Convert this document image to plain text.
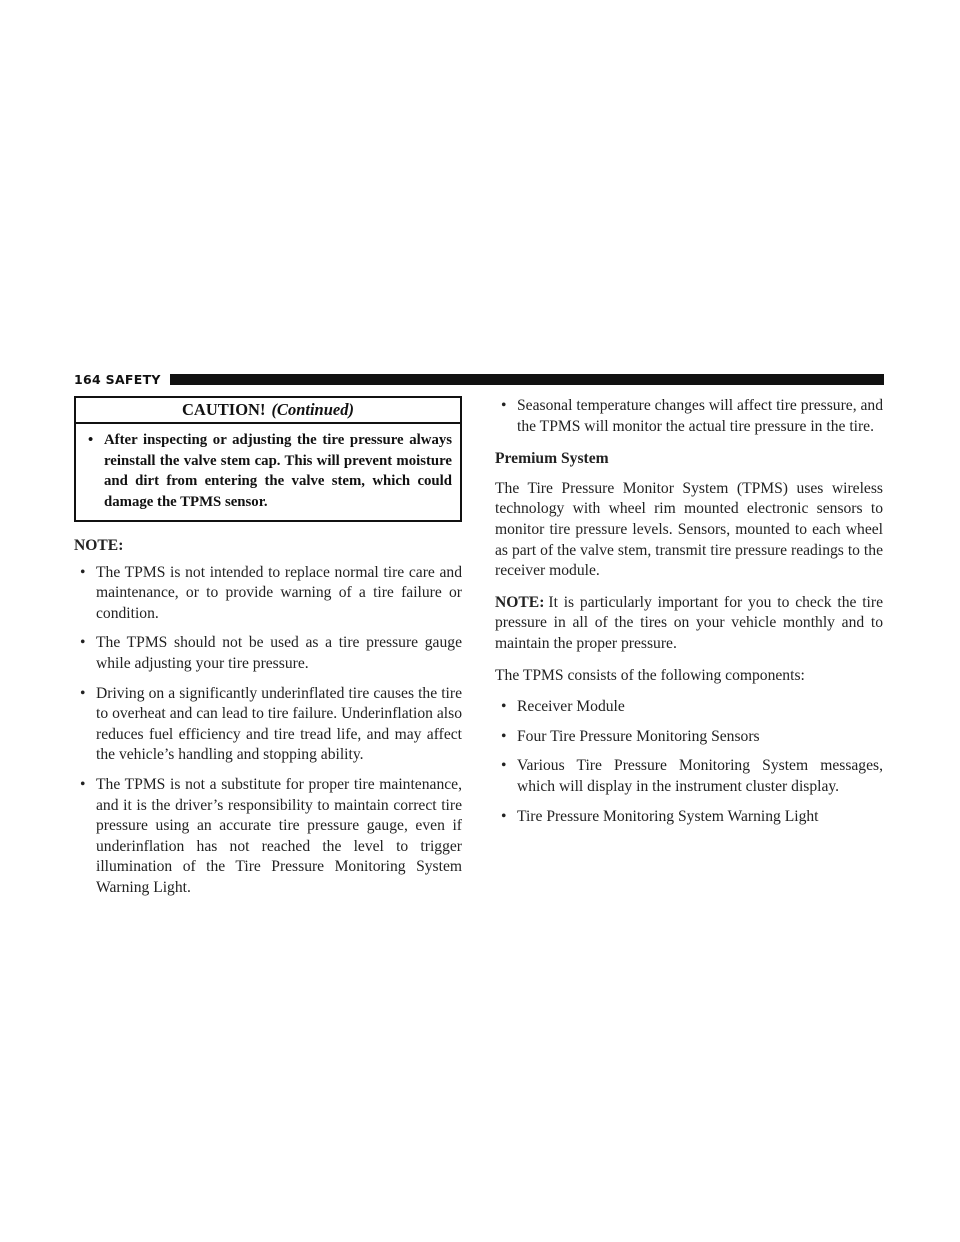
164 SAFETY
CAUTION! (Continued)
• After inspecting or adjusting the tire pressure always reinstall the valve stem cap. This will prevent moisture and dirt from entering the valve stem, which could damage the TPMS sensor.

NOTE:

• The TPMS is not intended to replace normal tire care and maintenance, or to provide warning of a tire failure or condition.
• The TPMS should not be used as a tire pressure gauge while adjusting your tire pressure.
• Driving on a significantly underinflated tire causes the tire to overheat and can lead to tire failure. Underinflation also reduces fuel efficiency and tire tread life, and may affect the vehicle’s handling and stopping ability.
• The TPMS is not a substitute for proper tire maintenance, and it is the driver’s responsibility to maintain correct tire pressure using an accurate tire pressure gauge, even if underinflation has not reached the level to trigger illumination of the Tire Pressure Monitoring System Warning Light.
• Seasonal temperature changes will affect tire pressure, and the TPMS will monitor the actual tire pressure in the tire.

Premium System

The Tire Pressure Monitor System (TPMS) uses wireless technology with wheel rim mounted electronic sensors to monitor tire pressure levels. Sensors, mounted to each wheel as part of the valve stem, transmit tire pressure readings to the receiver module.

NOTE: It is particularly important for you to check the tire pressure in all of the tires on your vehicle monthly and to maintain the proper pressure.

The TPMS consists of the following components:

• Receiver Module
• Four Tire Pressure Monitoring Sensors
• Various Tire Pressure Monitoring System messages, which will display in the instrument cluster display.
• Tire Pressure Monitoring System Warning Light
